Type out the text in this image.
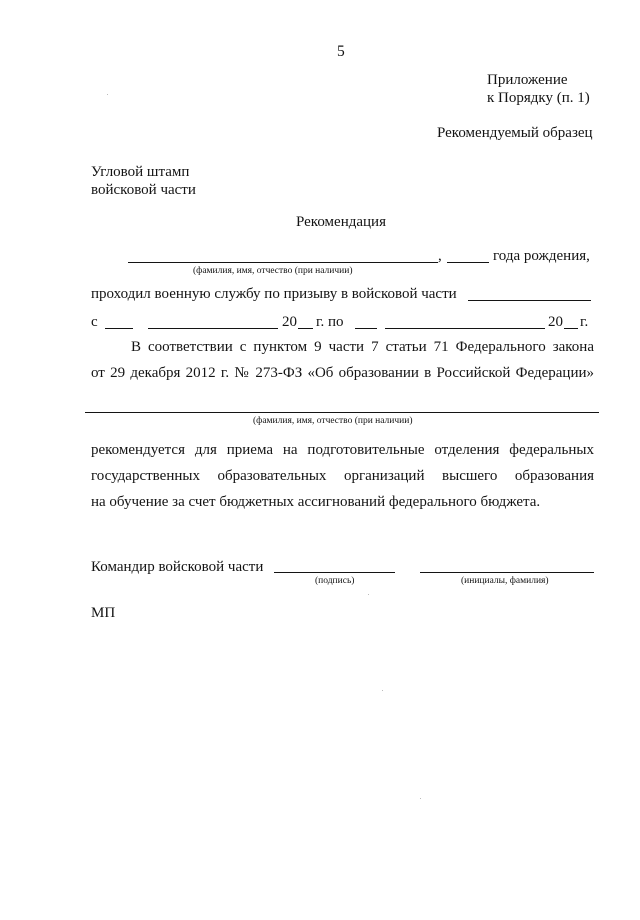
5
Приложение
к Порядку (п. 1)
Рекомендуемый образец
Угловой штамп
войсковой части
Рекомендация
,	года рождения,
(фамилия, имя, отчество (при наличии)
проходил военную службу по призыву в войсковой части
с	20 г. по	20 г.
В соответствии с пунктом 9 части 7 статьи 71 Федерального закона
от 29 декабря 2012 г. № 273-ФЗ «Об образовании в Российской Федерации»
(фамилия, имя, отчество (при наличии)
рекомендуется для приема на подготовительные отделения федеральных
государственных образовательных организаций высшего образования
на обучение за счет бюджетных ассигнований федерального бюджета.
Командир войсковой части
(подпись)	(инициалы, фамилия)
МП
